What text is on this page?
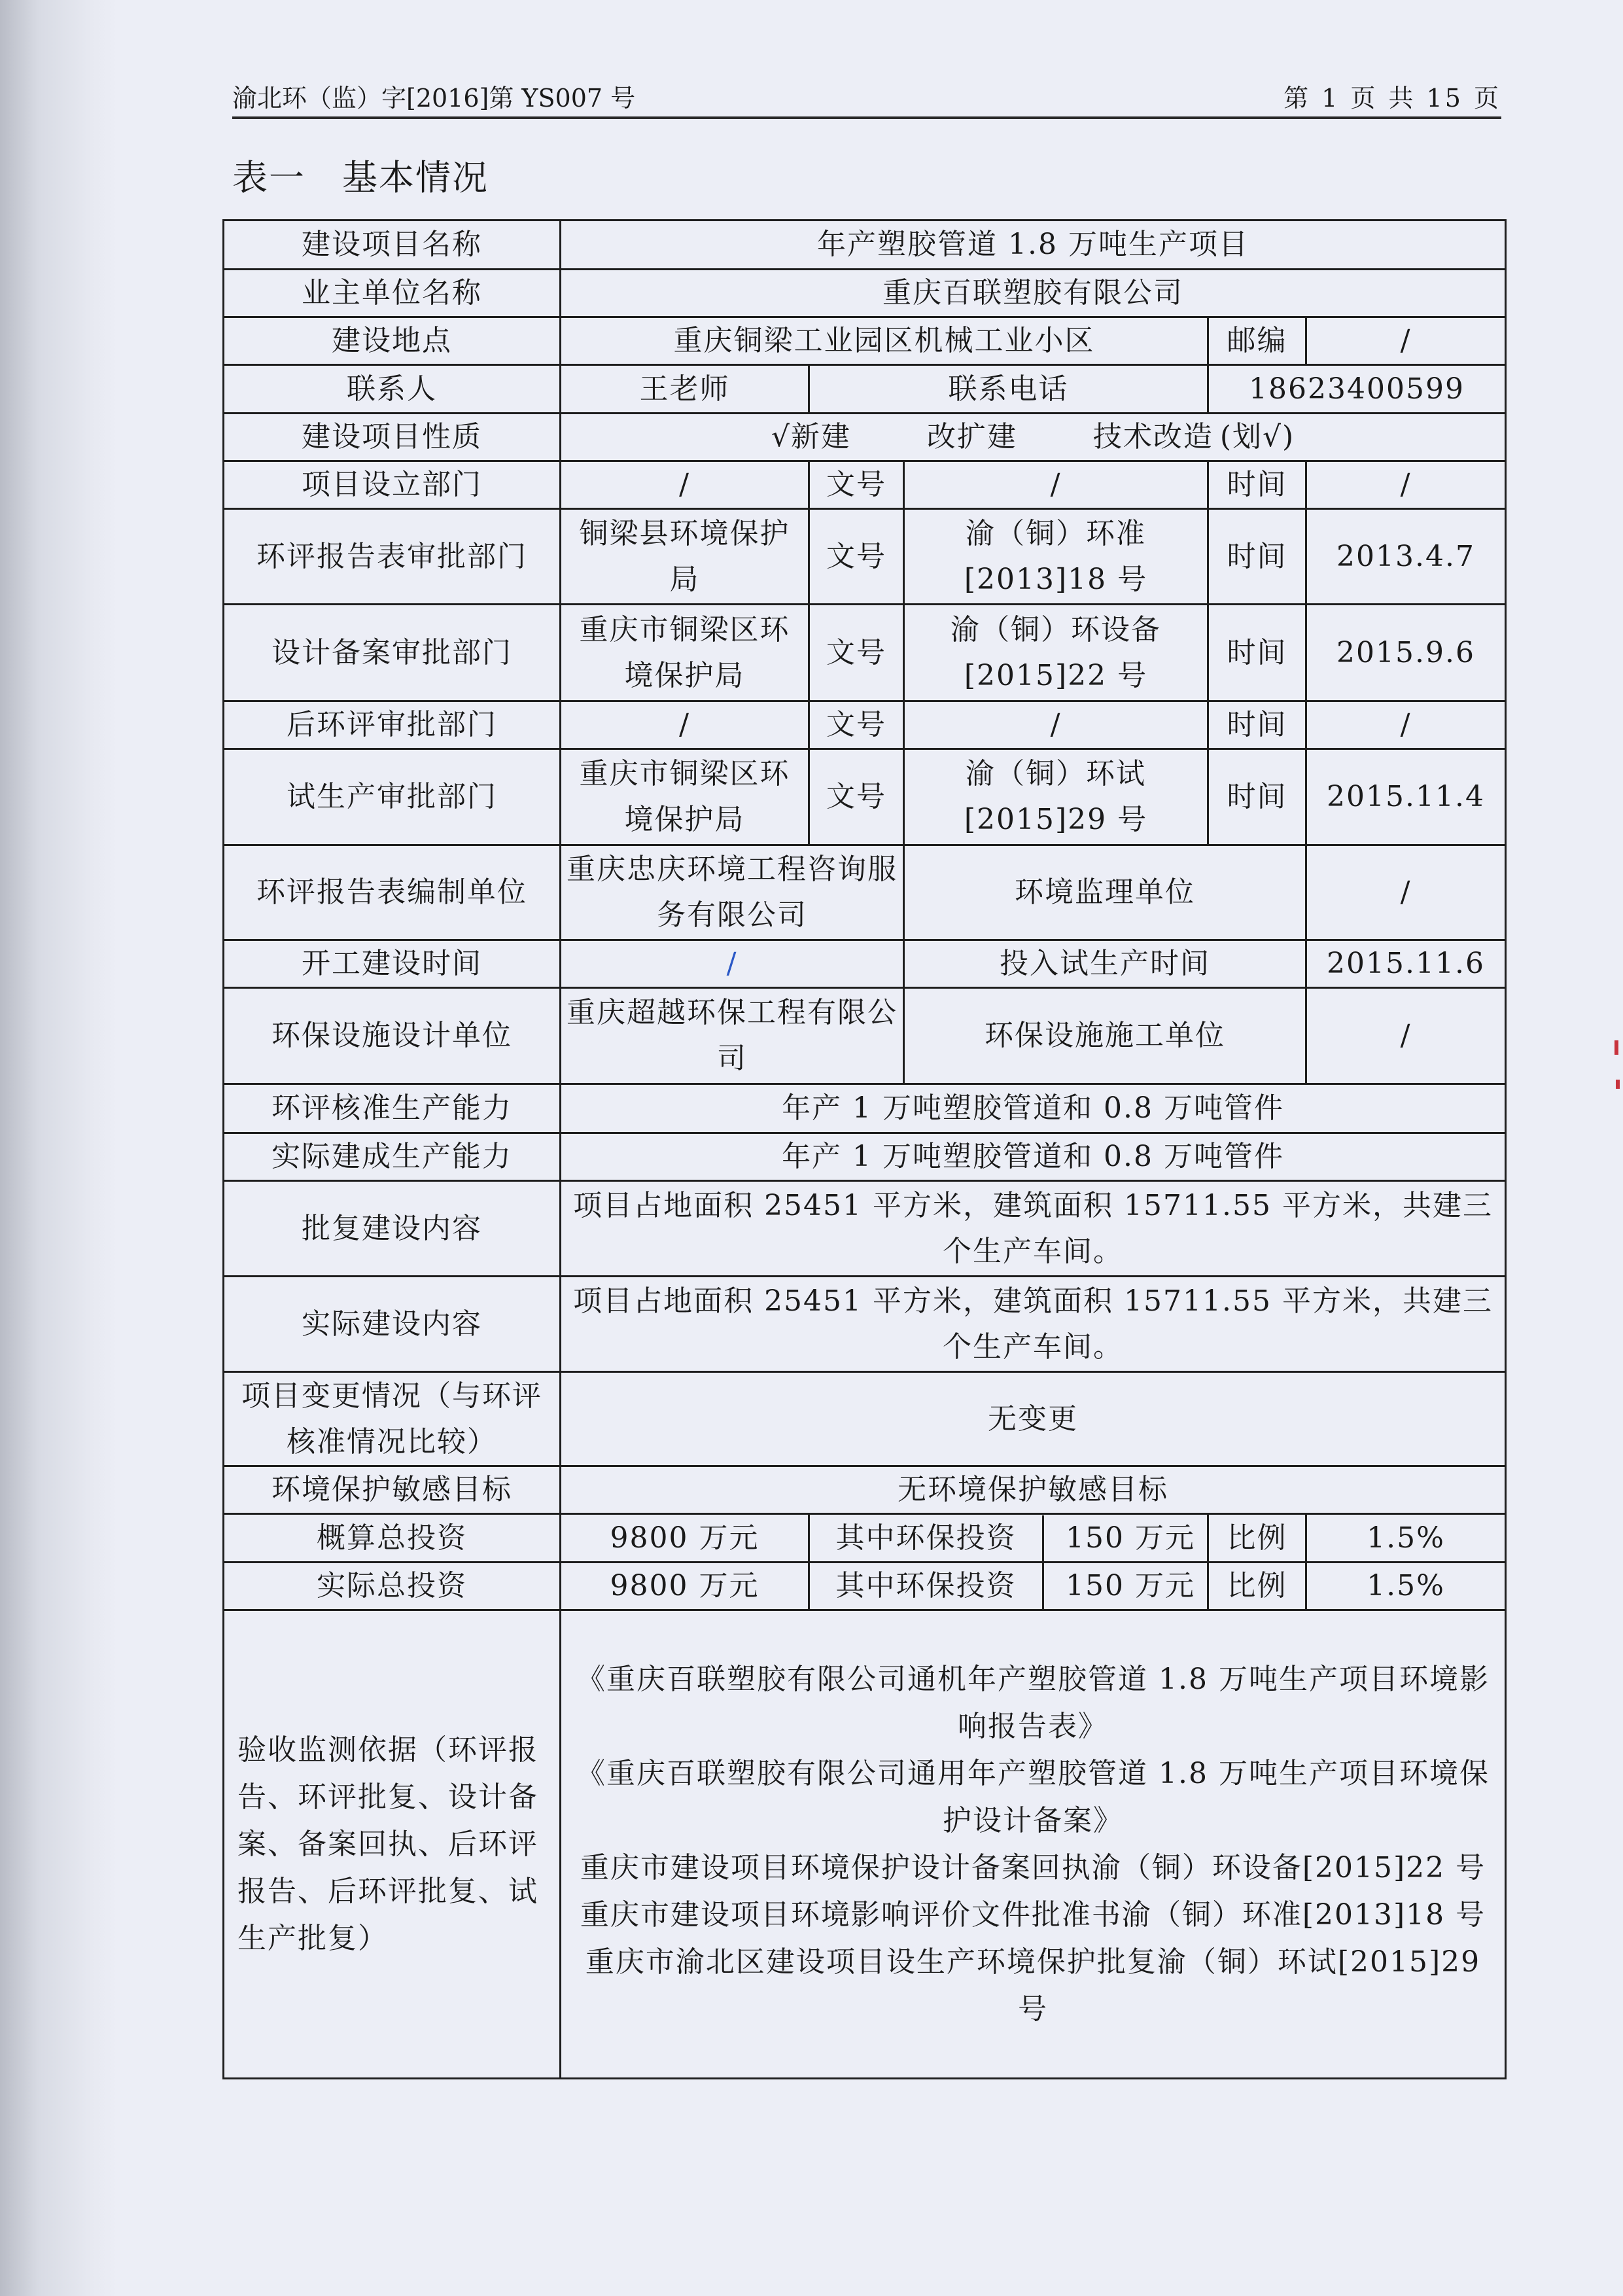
渝北环（监）字[2016]第 YS007 号	第 1 页 共 15 页
表一　基本情况
建设项目名称	年产塑胶管道 1.8 万吨生产项目				
业主单位名称	重庆百联塑胶有限公司				
建设地点	重庆铜梁工业园区机械工业小区			邮编	/
联系人	王老师	联系电话		18623400599	
建设项目性质	√新建 改扩建 技术改造 (划√)				
项目设立部门	/	文号	/	时间	/
环评报告表审批部门	铜梁县环境保护局	文号	渝（铜）环准[2013]18 号	时间	2013.4.7
设计备案审批部门	重庆市铜梁区环境保护局	文号	渝（铜）环设备[2015]22 号	时间	2015.9.6
后环评审批部门	/	文号	/	时间	/
试生产审批部门	重庆市铜梁区环境保护局	文号	渝（铜）环试[2015]29 号	时间	2015.11.4
环评报告表编制单位	重庆忠庆环境工程咨询服务有限公司		环境监理单位		/
开工建设时间	/		投入试生产时间		2015.11.6
环保设施设计单位	重庆超越环保工程有限公司		环保设施施工单位		/
环评核准生产能力	年产 1 万吨塑胶管道和 0.8 万吨管件				
实际建成生产能力	年产 1 万吨塑胶管道和 0.8 万吨管件				
批复建设内容	项目占地面积 25451 平方米，建筑面积 15711.55 平方米，共建三个生产车间。				
实际建设内容	项目占地面积 25451 平方米，建筑面积 15711.55 平方米，共建三个生产车间。				
项目变更情况（与环评核准情况比较）	无变更				
环境保护敏感目标	无环境保护敏感目标				
概算总投资	9800 万元	其中环保投资 150 万元		比例	1.5%
实际总投资	9800 万元	其中环保投资 150 万元		比例	1.5%
验收监测依据（环评报告、环评批复、设计备案、备案回执、后环评报告、后环评批复、试生产批复）	《重庆百联塑胶有限公司通机年产塑胶管道 1.8 万吨生产项目环境影响报告表》

《重庆百联塑胶有限公司通用年产塑胶管道 1.8 万吨生产项目环境保护设计备案》

重庆市建设项目环境保护设计备案回执渝（铜）环设备[2015]22 号

重庆市建设项目环境影响评价文件批准书渝（铜）环准[2013]18 号

重庆市渝北区建设项目设生产环境保护批复渝（铜）环试[2015]29 号				
